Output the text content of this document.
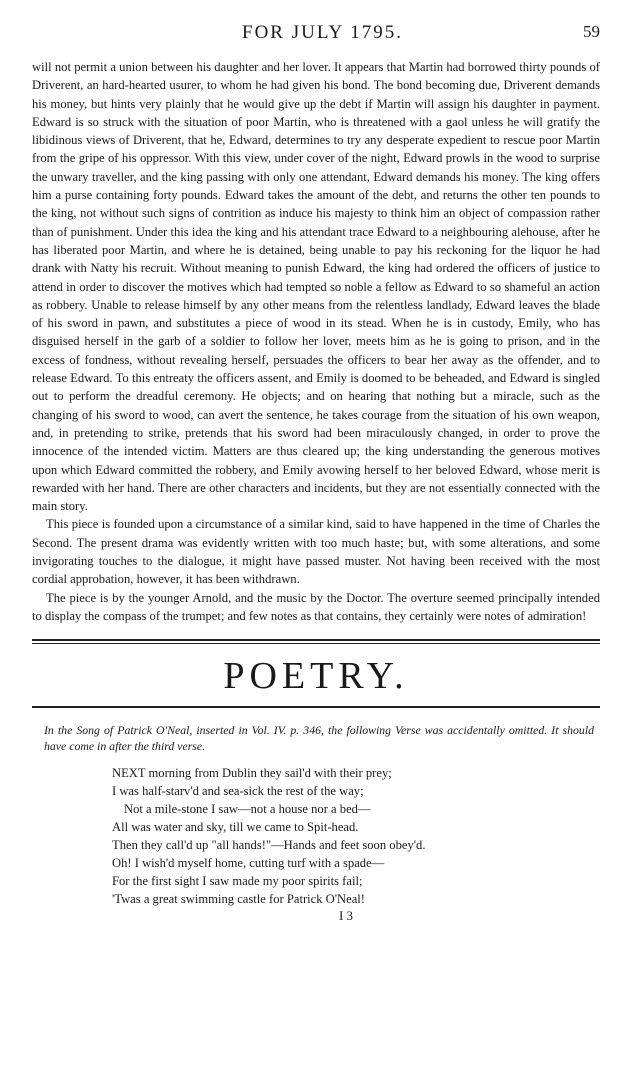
FOR JULY 1795.	59

will not permit a union between his daughter and her lover. It appears that Martin had borrowed thirty pounds of Driverent, an hard-hearted usurer, to whom he had given his bond. The bond becoming due, Driverent demands his money, but hints very plainly that he would give up the debt if Martin will assign his daughter in payment. Edward is so struck with the situation of poor Martin, who is threatened with a gaol unless he will gratify the libidinous views of Driverent, that he, Edward, determines to try any desperate expedient to rescue poor Martin from the gripe of his oppressor. With this view, under cover of the night, Edward prowls in the wood to surprise the unwary traveller, and the king passing with only one attendant, Edward demands his money. The king offers him a purse containing forty pounds. Edward takes the amount of the debt, and returns the other ten pounds to the king, not without such signs of contrition as induce his majesty to think him an object of compassion rather than of punishment. Under this idea the king and his attendant trace Edward to a neighbouring alehouse, after he has liberated poor Martin, and where he is detained, being unable to pay his reckoning for the liquor he had drank with Natty his recruit. Without meaning to punish Edward, the king had ordered the officers of justice to attend in order to discover the motives which had tempted so noble a fellow as Edward to so shameful an action as robbery. Unable to release himself by any other means from the relentless landlady, Edward leaves the blade of his sword in pawn, and substitutes a piece of wood in its stead. When he is in custody, Emily, who has disguised herself in the garb of a soldier to follow her lover, meets him as he is going to prison, and in the excess of fondness, without revealing herself, persuades the officers to bear her away as the offender, and to release Edward. To this entreaty the officers assent, and Emily is doomed to be beheaded, and Edward is singled out to perform the dreadful ceremony. He objects; and on hearing that nothing but a miracle, such as the changing of his sword to wood, can avert the sentence, he takes courage from the situation of his own weapon, and, in pretending to strike, pretends that his sword had been miraculously changed, in order to prove the innocence of the intended victim. Matters are thus cleared up; the king understanding the generous motives upon which Edward committed the robbery, and Emily avowing herself to her beloved Edward, whose merit is rewarded with her hand. There are other characters and incidents, but they are not essentially connected with the main story.

This piece is founded upon a circumstance of a similar kind, said to have happened in the time of Charles the Second. The present drama was evidently written with too much haste; but, with some alterations, and some invigorating touches to the dialogue, it might have passed muster. Not having been received with the most cordial approbation, however, it has been withdrawn.

The piece is by the younger Arnold, and the music by the Doctor. The overture seemed principally intended to display the compass of the trumpet; and few notes as that contains, they certainly were notes of admiration!

POETRY.
In the Song of Patrick O'Neal, inserted in Vol. IV. p. 346, the following Verse was accidentally omitted. It should have come in after the third verse.
NEXT morning from Dublin they sail'd with their prey;
I was half-starv'd and sea-sick the rest of the way;
Not a mile-stone I saw—not a house nor a bed—
All was water and sky, till we came to Spit-head.
Then they call'd up "all hands!"—Hands and feet soon obey'd.
Oh! I wish'd myself home, cutting turf with a spade—
For the first sight I saw made my poor spirits fail;
'Twas a great swimming castle for Patrick O'Neal!
I 3
